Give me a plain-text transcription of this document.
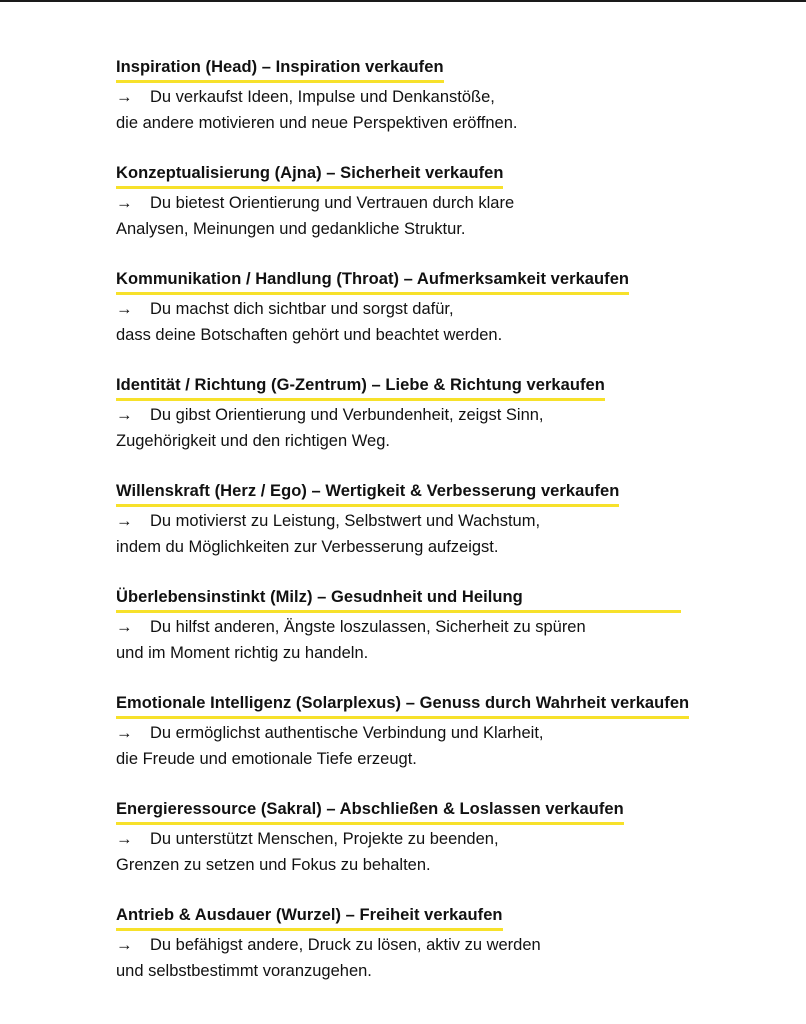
Inspiration (Head) – Inspiration verkaufen
→ Du verkaufst Ideen, Impulse und Denkanstöße,
die andere motivieren und neue Perspektiven eröffnen.
Konzeptualisierung (Ajna) – Sicherheit verkaufen
→ Du bietest Orientierung und Vertrauen durch klare
Analysen, Meinungen und gedankliche Struktur.
Kommunikation / Handlung (Throat) – Aufmerksamkeit verkaufen
→ Du machst dich sichtbar und sorgst dafür,
dass deine Botschaften gehört und beachtet werden.
Identität / Richtung (G-Zentrum) – Liebe & Richtung verkaufen
→ Du gibst Orientierung und Verbundenheit, zeigst Sinn,
Zugehörigkeit und den richtigen Weg.
Willenskraft (Herz / Ego) – Wertigkeit & Verbesserung verkaufen
→ Du motivierst zu Leistung, Selbstwert und Wachstum,
indem du Möglichkeiten zur Verbesserung aufzeigst.
Überlebensinstinkt (Milz) – Gesudnheit und Heilung
→ Du hilfst anderen, Ängste loszulassen, Sicherheit zu spüren
und im Moment richtig zu handeln.
Emotionale Intelligenz (Solarplexus) – Genuss durch Wahrheit verkaufen
→ Du ermöglichst authentische Verbindung und Klarheit,
die Freude und emotionale Tiefe erzeugt.
Energieressource (Sakral) – Abschließen & Loslassen verkaufen
→ Du unterstützt Menschen, Projekte zu beenden,
Grenzen zu setzen und Fokus zu behalten.
Antrieb & Ausdauer (Wurzel) – Freiheit verkaufen
→ Du befähigst andere, Druck zu lösen, aktiv zu werden
und selbstbestimmt voranzugehen.
